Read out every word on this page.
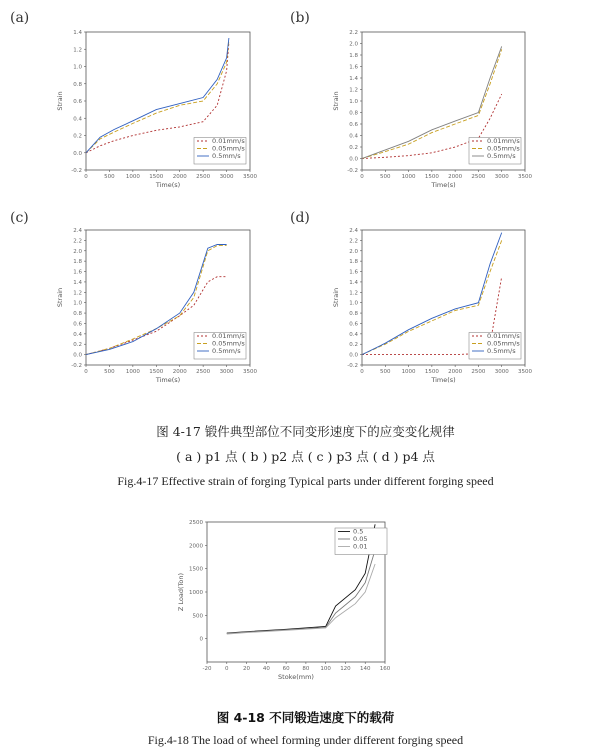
(a)	(b)
(c)	(d)
0	500 1000 1500 2000 2500 3000 3500
-0.2
0.0
0.2
0.4
0.6
0.8
1.0
1.2
1.4
Time(s)
Strain
0.01mm/s
0.05mm/s
0.5mm/s
0	500 1000 1500 2000 2500 3000 3500
-0.2
0.0
0.2
0.4
0.6
0.8
1.0
1.2
1.4
1.6
1.8
2.0
2.2
Time(s)
Strain
0.01mm/s
0.05mm/s
0.5mm/s
0	500 1000 1500 2000 2500 3000 3500
-0.2
0.0
0.2
0.4
0.6
0.8
1.0
1.2
1.4
1.6
1.8
2.0
2.2
2.4
Time(s)
Strain
0.01mm/s
0.05mm/s
0.5mm/s
0	500 1000 1500 2000 2500 3000 3500
-0.2
0.0
0.2
0.4
0.6
0.8
1.0
1.2
1.4
1.6
1.8
2.0
2.2
2.4
Time(s)
Strain
0.01mm/s
0.05mm/s
0.5mm/s
-20 0	20 40 60 80 100 120 140 160
0
500
1000
1500
2000
2500
Stoke(mm)
Z Load(Ton)
0.5
0.05
0.01
图 4-17 锻件典型部位不同变形速度下的应变变化规律
( a ) p1 点 ( b ) p2 点 ( c ) p3 点 ( d ) p4 点
Fig.4-17 Effective strain of forging Typical parts under different forging speed
图 4-18 不同锻造速度下的载荷
Fig.4-18 The load of wheel forming under different forging speed
